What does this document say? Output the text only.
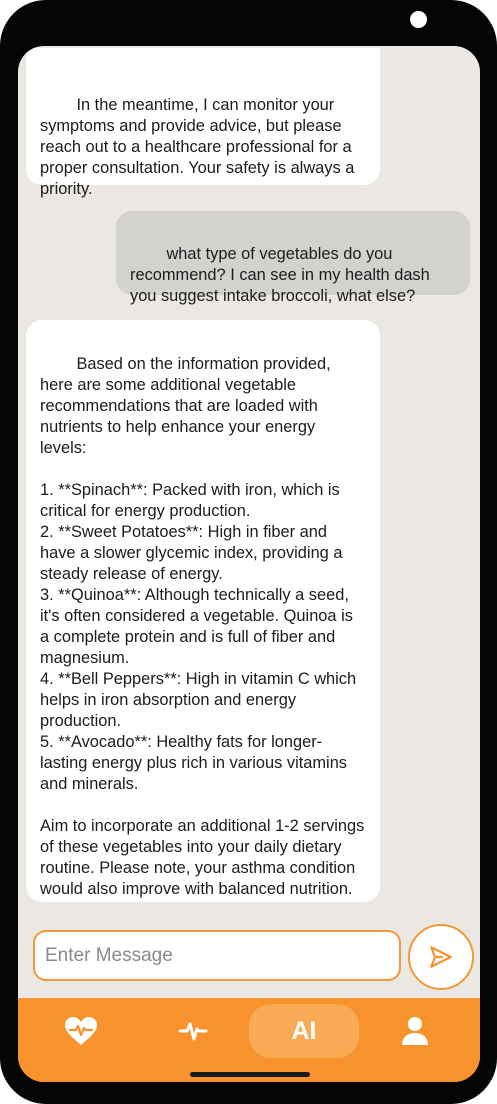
In the meantime, I can monitor your symptoms and provide advice, but please reach out to a healthcare professional for a proper consultation. Your safety is always a priority.

what type of vegetables do you recommend? I can see in my health dash you suggest intake broccoli, what else?

Based on the information provided, here are some additional vegetable recommendations that are loaded with nutrients to help enhance your energy levels:

1. **Spinach**: Packed with iron, which is critical for energy production.
2. **Sweet Potatoes**: High in fiber and have a slower glycemic index, providing a steady release of energy.
3. **Quinoa**: Although technically a seed, it's often considered a vegetable. Quinoa is a complete protein and is full of fiber and magnesium.
4. **Bell Peppers**: High in vitamin C which helps in iron absorption and energy production.
5. **Avocado**: Healthy fats for longer-lasting energy plus rich in various vitamins and minerals.

Aim to incorporate an additional 1-2 servings of these vegetables into your daily dietary routine. Please note, your asthma condition would also improve with balanced nutrition.

Enter Message
AI
